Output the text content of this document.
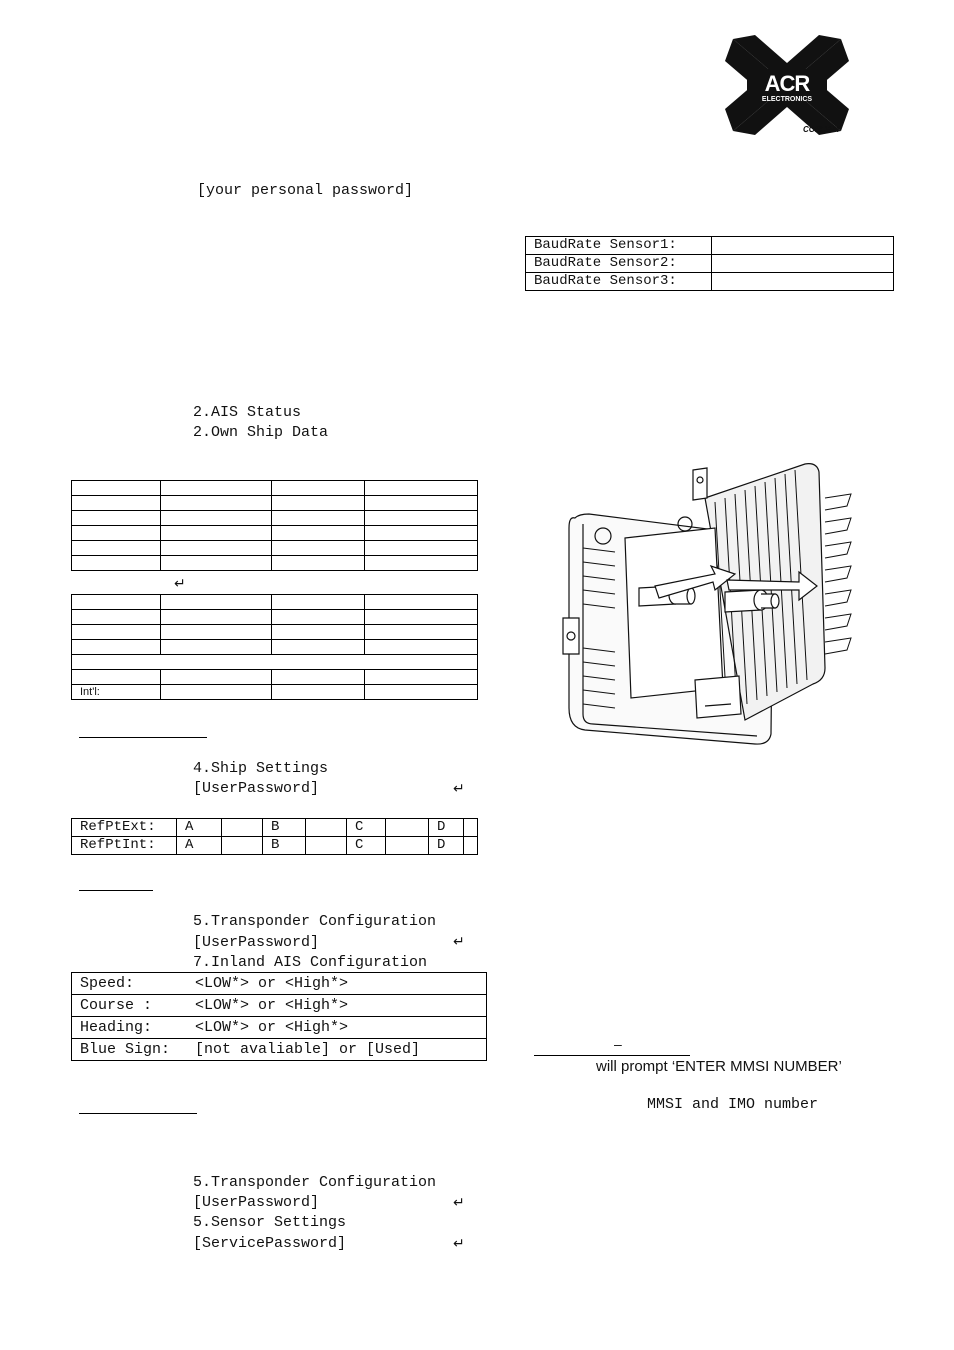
ACR
ELECTRONICS
COBHAM
[your personal password]
BaudRate Sensor1:	
BaudRate Sensor2:	
BaudRate Sensor3:	
2.AIS Status
2.Own Ship Data

↵

Int'l:			
4.Ship Settings
[UserPassword]	↵
RefPtExt:	A		B		C		D	
RefPtInt:	A		B		C		D	
5.Transponder Configuration
[UserPassword]	↵
7.Inland AIS Configuration
Speed:	<LOW*> or <High*>
Course :	<LOW*> or <High*>
Heading:	<LOW*> or <High*>
Blue Sign: [not avaliable] or [Used]
5.Transponder Configuration
[UserPassword]	↵
5.Sensor Settings
[ServicePassword]	↵
–
will prompt ‘ENTER MMSI NUMBER’
MMSI and IMO number
